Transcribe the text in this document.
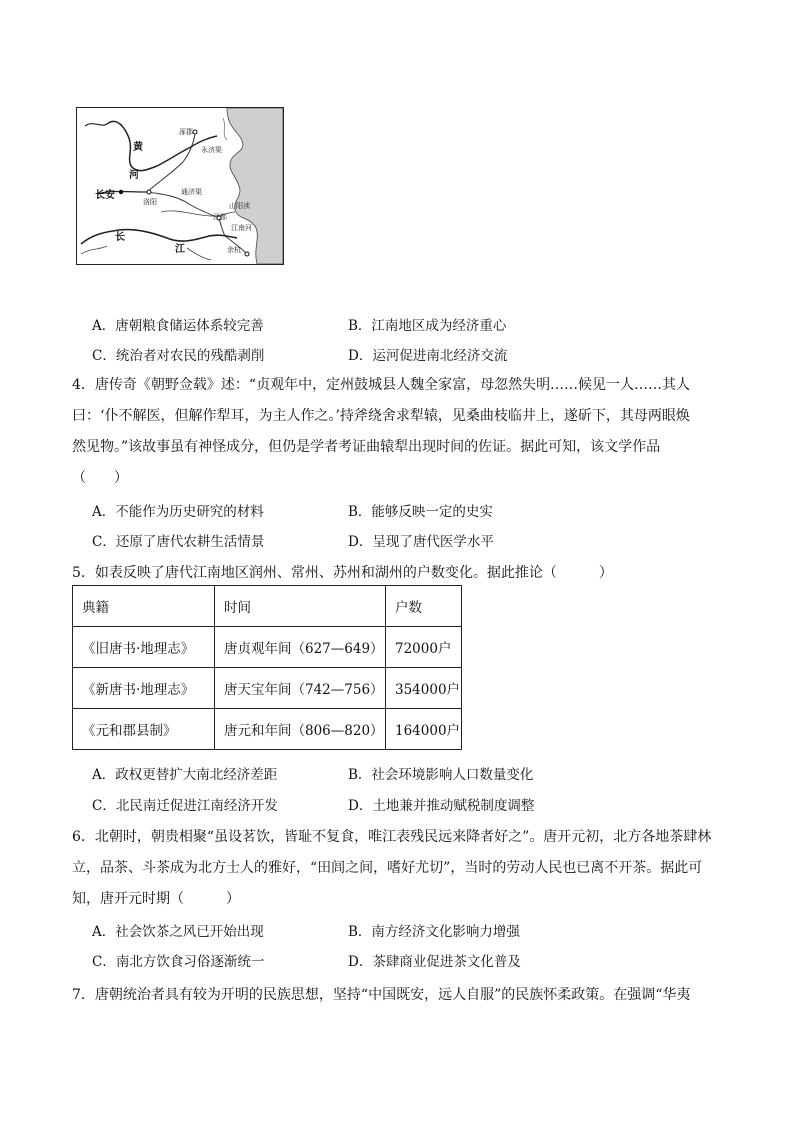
黄
河
长安
洛阳
涿郡
永济渠
通济渠
江都
山阳渎
江南河
余杭
长
江
A．唐朝粮食储运体系较完善	B．江南地区成为经济重心
C．统治者对农民的残酷剥削	D．运河促进南北经济交流
4．唐传奇《朝野佥载》述：“贞观年中，定州鼓城县人魏全家富，母忽然失明……候见一人……其人
曰：‘仆不解医，但解作犁耳，为主人作之。’持斧绕舍求犁辕，见桑曲枝临井上，遂斫下，其母两眼焕
然见物。”该故事虽有神怪成分，但仍是学者考证曲辕犁出现时间的佐证。据此可知，该文学作品
（　　）
A．不能作为历史研究的材料	B．能够反映一定的史实
C．还原了唐代农耕生活情景	D．呈现了唐代医学水平
5．如表反映了唐代江南地区润州、常州、苏州和湖州的户数变化。据此推论（　　　）
典籍	时间	户数
《旧唐书·地理志》	唐贞观年间（627—649）	72000户
《新唐书·地理志》	唐天宝年间（742—756）	354000户
《元和郡县制》	唐元和年间（806—820）	164000户
A．政权更替扩大南北经济差距	B．社会环境影响人口数量变化
C．北民南迁促进江南经济开发	D．土地兼并推动赋税制度调整
6．北朝时，朝贵相聚“虽设茗饮，皆耻不复食，唯江表残民远来降者好之”。唐开元初，北方各地茶肆林
立，品茶、斗茶成为北方士人的雅好，“田闾之间，嗜好尤切”，当时的劳动人民也已离不开茶。据此可
知，唐开元时期（　　　）
A．社会饮茶之风已开始出现	B．南方经济文化影响力增强
C．南北方饮食习俗逐渐统一	D．茶肆商业促进茶文化普及
7．唐朝统治者具有较为开明的民族思想，坚持“中国既安，远人自服”的民族怀柔政策。在强调“华夷
